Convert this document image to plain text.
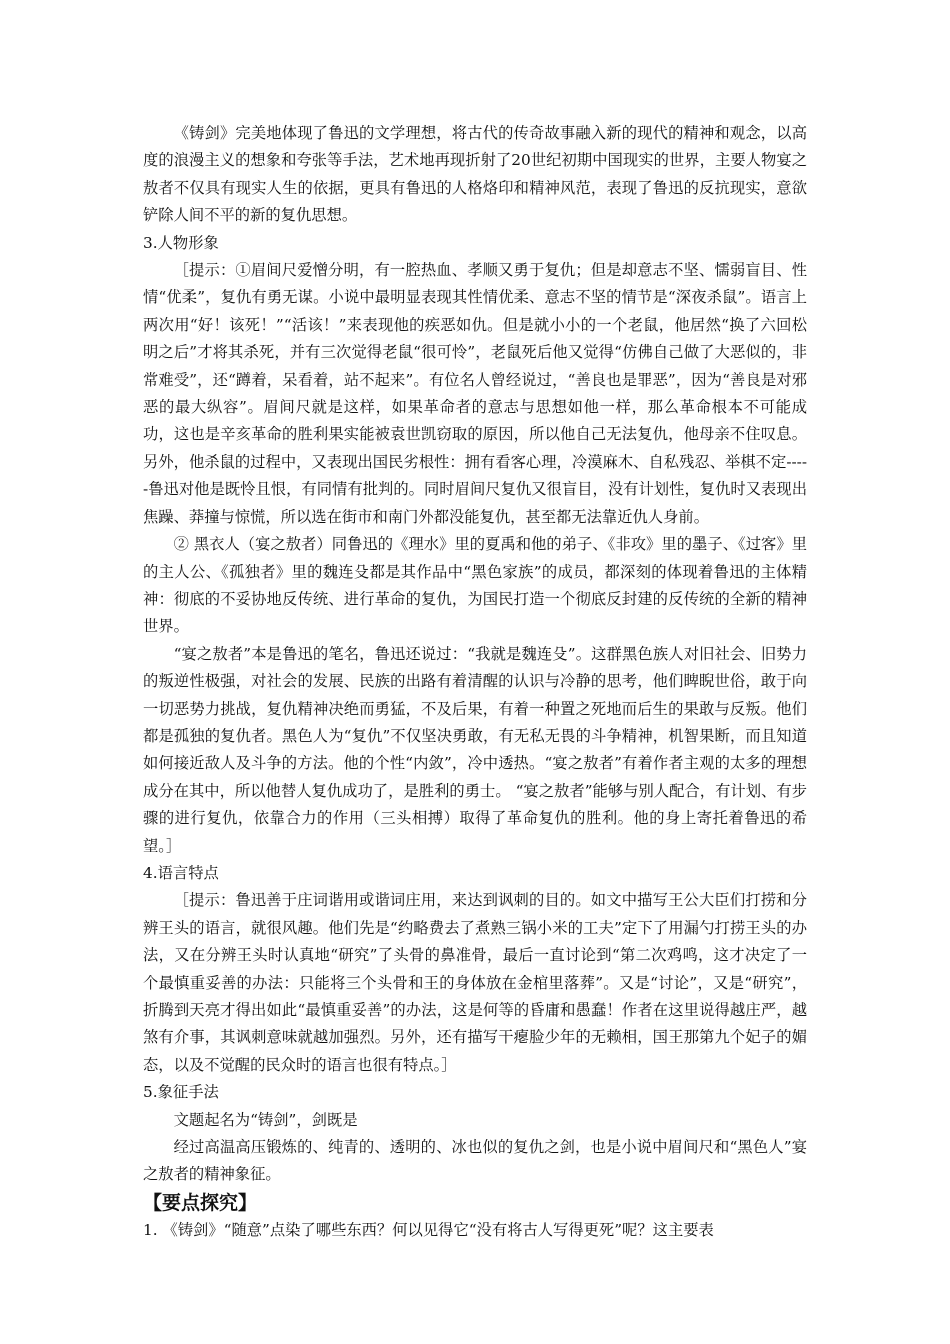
《铸剑》完美地体现了鲁迅的文学理想，将古代的传奇故事融入新的现代的精神和观念，以高度的浪漫主义的想象和夸张等手法，艺术地再现折射了20世纪初期中国现实的世界，主要人物宴之敖者不仅具有现实人生的依据，更具有鲁迅的人格烙印和精神风范，表现了鲁迅的反抗现实，意欲铲除人间不平的新的复仇思想。

3.人物形象

［提示：①眉间尺爱憎分明，有一腔热血、孝顺又勇于复仇；但是却意志不坚、懦弱盲目、性情“优柔”，复仇有勇无谋。小说中最明显表现其性情优柔、意志不坚的情节是“深夜杀鼠”。语言上两次用“好！该死！”“活该！”来表现他的疾恶如仇。但是就小小的一个老鼠，他居然“换了六回松明之后”才将其杀死，并有三次觉得老鼠“很可怜”，老鼠死后他又觉得“仿佛自己做了大恶似的，非常难受”，还“蹲着，呆看着，站不起来”。有位名人曾经说过，“善良也是罪恶”，因为“善良是对邪恶的最大纵容”。眉间尺就是这样，如果革命者的意志与思想如他一样，那么革命根本不可能成功，这也是辛亥革命的胜利果实能被袁世凯窃取的原因，所以他自己无法复仇，他母亲不住叹息。另外，他杀鼠的过程中，又表现出国民劣根性：拥有看客心理，冷漠麻木、自私残忍、举棋不定-----鲁迅对他是既怜且恨，有同情有批判的。同时眉间尺复仇又很盲目，没有计划性，复仇时又表现出焦躁、莽撞与惊慌，所以选在街市和南门外都没能复仇，甚至都无法靠近仇人身前。

② 黑衣人（宴之敖者）同鲁迅的《理水》里的夏禹和他的弟子、《非攻》里的墨子、《过客》里的主人公、《孤独者》里的魏连殳都是其作品中“黑色家族”的成员，都深刻的体现着鲁迅的主体精神：彻底的不妥协地反传统、进行革命的复仇，为国民打造一个彻底反封建的反传统的全新的精神世界。

“宴之敖者”本是鲁迅的笔名，鲁迅还说过：“我就是魏连殳”。这群黑色族人对旧社会、旧势力的叛逆性极强，对社会的发展、民族的出路有着清醒的认识与冷静的思考，他们睥睨世俗，敢于向一切恶势力挑战，复仇精神决绝而勇猛，不及后果，有着一种置之死地而后生的果敢与反叛。他们都是孤独的复仇者。黑色人为“复仇”不仅坚决勇敢，有无私无畏的斗争精神，机智果断，而且知道如何接近敌人及斗争的方法。他的个性“内敛”，冷中透热。“宴之敖者”有着作者主观的太多的理想成分在其中，所以他替人复仇成功了，是胜利的勇士。 “宴之敖者”能够与别人配合，有计划、有步骤的进行复仇，依靠合力的作用（三头相搏）取得了革命复仇的胜利。他的身上寄托着鲁迅的希望。］

4.语言特点

［提示：鲁迅善于庄词谐用或谐词庄用，来达到讽刺的目的。如文中描写王公大臣们打捞和分辨王头的语言，就很风趣。他们先是“约略费去了煮熟三锅小米的工夫”定下了用漏勺打捞王头的办法，又在分辨王头时认真地“研究”了头骨的鼻准骨，最后一直讨论到“第二次鸡鸣，这才决定了一个最慎重妥善的办法：只能将三个头骨和王的身体放在金棺里落葬”。又是“讨论”，又是“研究”，折腾到天亮才得出如此“最慎重妥善”的办法，这是何等的昏庸和愚蠢！作者在这里说得越庄严，越煞有介事，其讽刺意味就越加强烈。另外，还有描写干瘪脸少年的无赖相，国王那第九个妃子的媚态，以及不觉醒的民众时的语言也很有特点。］

5.象征手法

文题起名为“铸剑”，剑既是

经过高温高压锻炼的、纯青的、透明的、冰也似的复仇之剑，也是小说中眉间尺和“黑色人”宴之敖者的精神象征。

【要点探究】

1. 《铸剑》“随意”点染了哪些东西？何以见得它“没有将古人写得更死”呢？这主要表
